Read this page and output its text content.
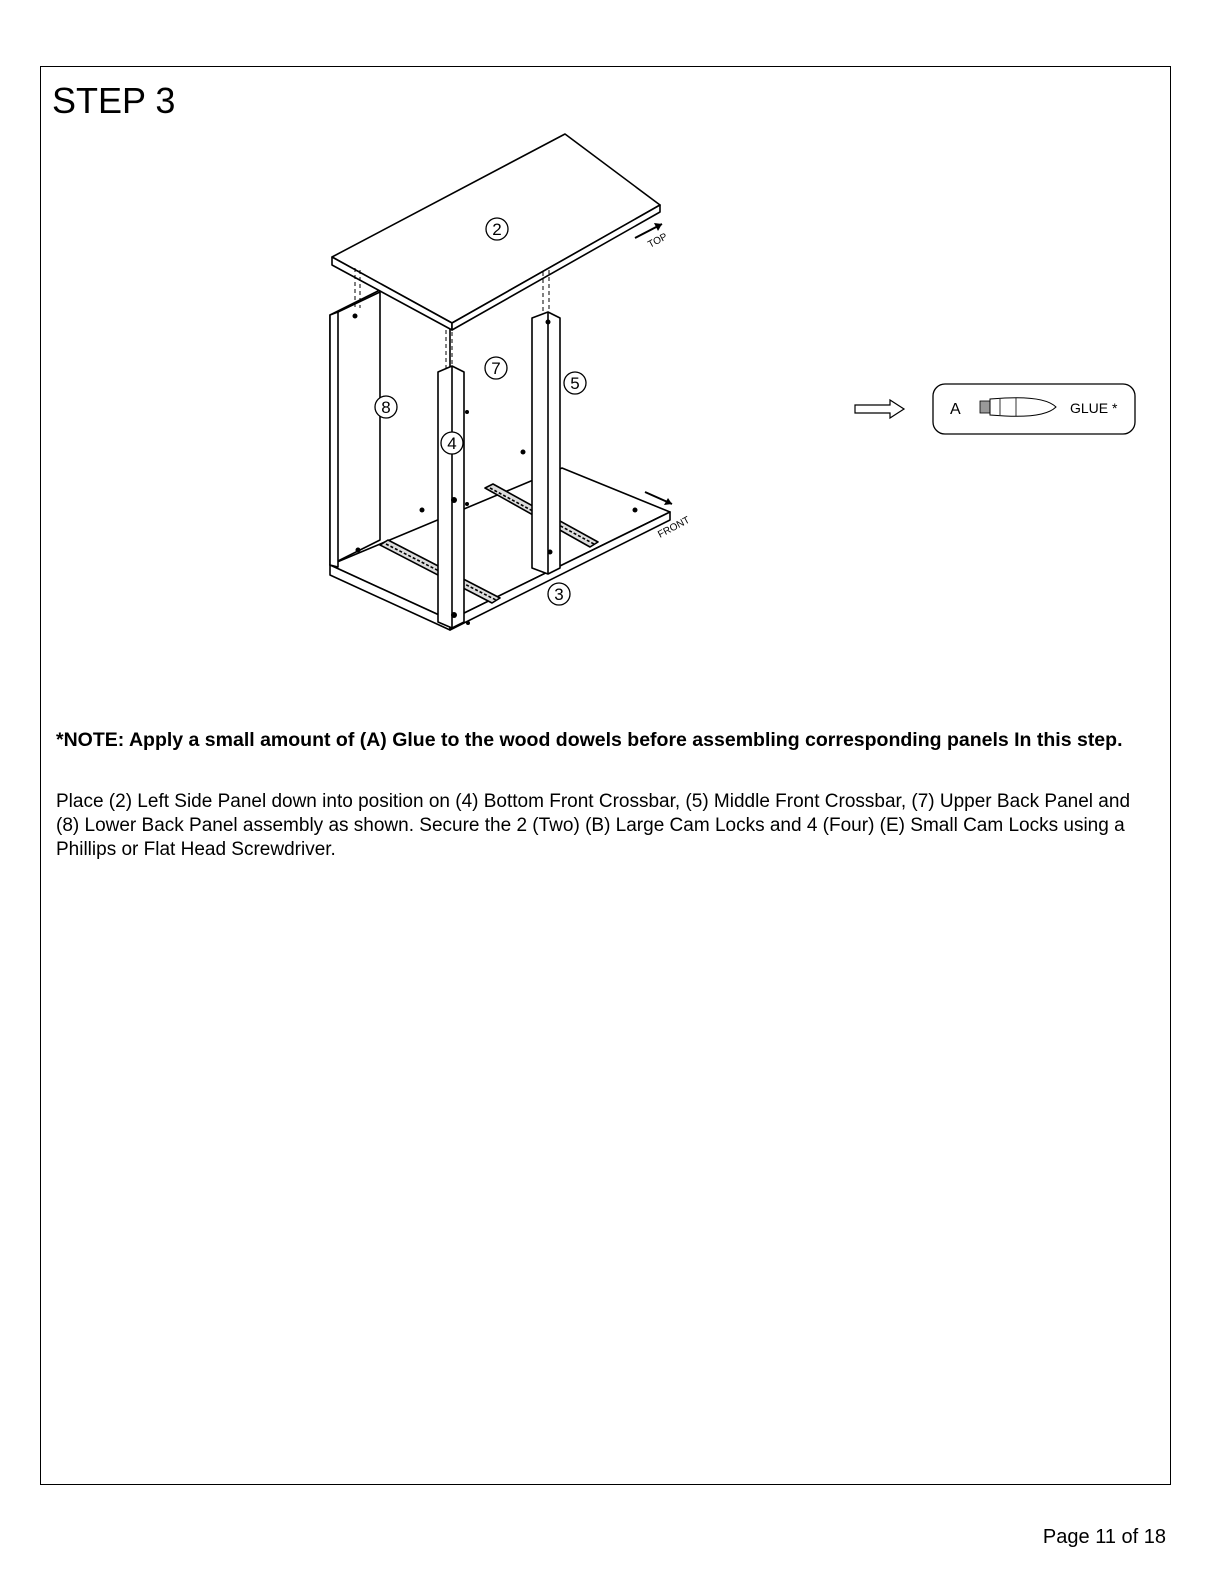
STEP 3
2
7
5
8
4
3
TOP
FRONT
A	GLUE *
*NOTE: Apply a small amount of (A) Glue to the wood dowels before assembling corresponding panels In this step.
Place (2) Left Side Panel down into position on (4) Bottom Front Crossbar, (5) Middle Front Crossbar, (7) Upper Back Panel and (8) Lower Back Panel assembly as shown. Secure the 2 (Two) (B) Large Cam Locks and 4 (Four) (E) Small Cam Locks using a Phillips or Flat Head Screwdriver.
Page 11 of 18
